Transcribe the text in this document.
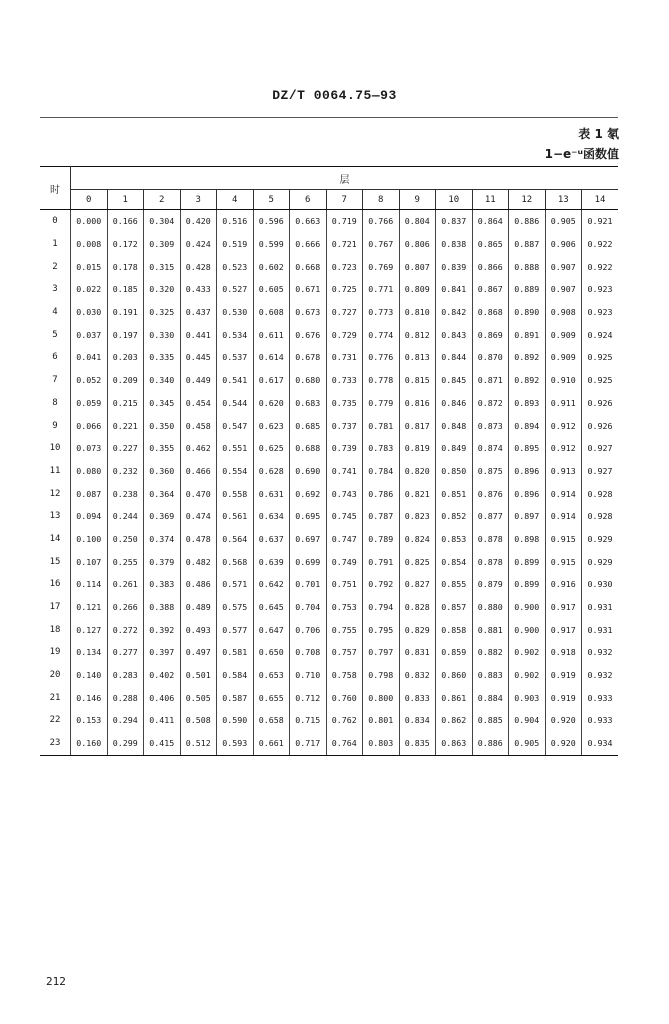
DZ/T 0064.75—93
表 1 氡
1−e⁻ᵘ函数值
时	层														
	0	1	2	3	4	5	6	7	8	9	10	11	12	13	14
0	0.000	0.166	0.304	0.420	0.516	0.596	0.663	0.719	0.766	0.804	0.837	0.864	0.886	0.905	0.921
1	0.008	0.172	0.309	0.424	0.519	0.599	0.666	0.721	0.767	0.806	0.838	0.865	0.887	0.906	0.922
2	0.015	0.178	0.315	0.428	0.523	0.602	0.668	0.723	0.769	0.807	0.839	0.866	0.888	0.907	0.922
3	0.022	0.185	0.320	0.433	0.527	0.605	0.671	0.725	0.771	0.809	0.841	0.867	0.889	0.907	0.923
4	0.030	0.191	0.325	0.437	0.530	0.608	0.673	0.727	0.773	0.810	0.842	0.868	0.890	0.908	0.923
5	0.037	0.197	0.330	0.441	0.534	0.611	0.676	0.729	0.774	0.812	0.843	0.869	0.891	0.909	0.924
6	0.041	0.203	0.335	0.445	0.537	0.614	0.678	0.731	0.776	0.813	0.844	0.870	0.892	0.909	0.925
7	0.052	0.209	0.340	0.449	0.541	0.617	0.680	0.733	0.778	0.815	0.845	0.871	0.892	0.910	0.925
8	0.059	0.215	0.345	0.454	0.544	0.620	0.683	0.735	0.779	0.816	0.846	0.872	0.893	0.911	0.926
9	0.066	0.221	0.350	0.458	0.547	0.623	0.685	0.737	0.781	0.817	0.848	0.873	0.894	0.912	0.926
10	0.073	0.227	0.355	0.462	0.551	0.625	0.688	0.739	0.783	0.819	0.849	0.874	0.895	0.912	0.927
11	0.080	0.232	0.360	0.466	0.554	0.628	0.690	0.741	0.784	0.820	0.850	0.875	0.896	0.913	0.927
12	0.087	0.238	0.364	0.470	0.558	0.631	0.692	0.743	0.786	0.821	0.851	0.876	0.896	0.914	0.928
13	0.094	0.244	0.369	0.474	0.561	0.634	0.695	0.745	0.787	0.823	0.852	0.877	0.897	0.914	0.928
14	0.100	0.250	0.374	0.478	0.564	0.637	0.697	0.747	0.789	0.824	0.853	0.878	0.898	0.915	0.929
15	0.107	0.255	0.379	0.482	0.568	0.639	0.699	0.749	0.791	0.825	0.854	0.878	0.899	0.915	0.929
16	0.114	0.261	0.383	0.486	0.571	0.642	0.701	0.751	0.792	0.827	0.855	0.879	0.899	0.916	0.930
17	0.121	0.266	0.388	0.489	0.575	0.645	0.704	0.753	0.794	0.828	0.857	0.880	0.900	0.917	0.931
18	0.127	0.272	0.392	0.493	0.577	0.647	0.706	0.755	0.795	0.829	0.858	0.881	0.900	0.917	0.931
19	0.134	0.277	0.397	0.497	0.581	0.650	0.708	0.757	0.797	0.831	0.859	0.882	0.902	0.918	0.932
20	0.140	0.283	0.402	0.501	0.584	0.653	0.710	0.758	0.798	0.832	0.860	0.883	0.902	0.919	0.932
21	0.146	0.288	0.406	0.505	0.587	0.655	0.712	0.760	0.800	0.833	0.861	0.884	0.903	0.919	0.933
22	0.153	0.294	0.411	0.508	0.590	0.658	0.715	0.762	0.801	0.834	0.862	0.885	0.904	0.920	0.933
23	0.160	0.299	0.415	0.512	0.593	0.661	0.717	0.764	0.803	0.835	0.863	0.886	0.905	0.920	0.934
212
